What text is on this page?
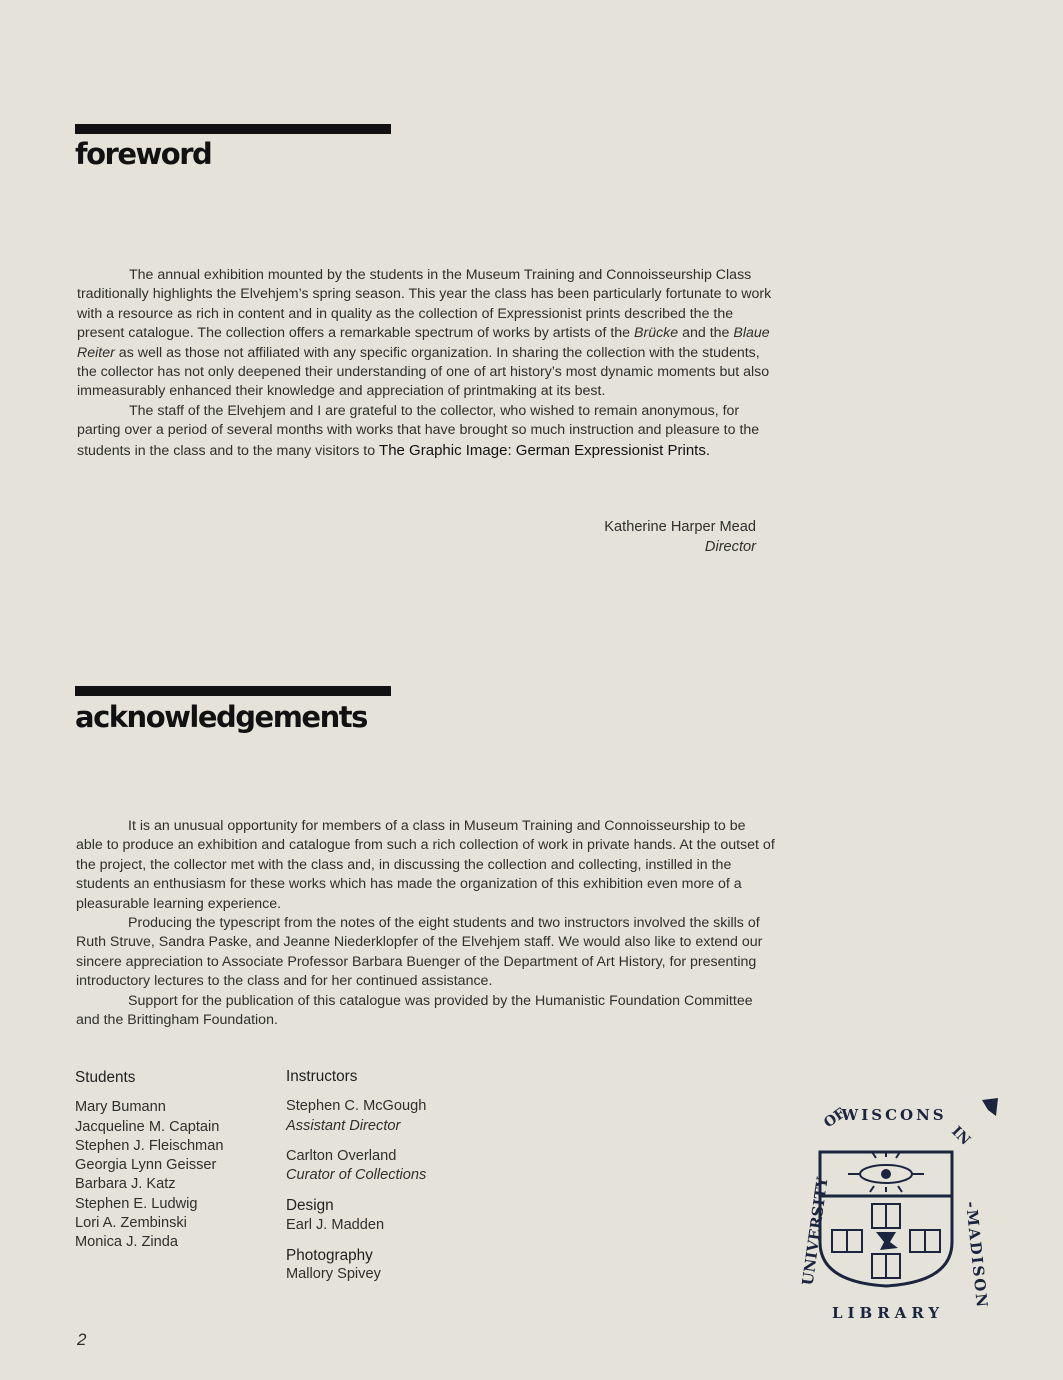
foreword

The annual exhibition mounted by the students in the Museum Training and Connoisseurship Class traditionally highlights the Elvehjem’s spring season. This year the class has been particularly fortunate to work with a resource as rich in content and in quality as the collection of Expressionist prints described the the present catalogue. The collection offers a remarkable spectrum of works by artists of the Brücke and the Blaue Reiter as well as those not affiliated with any specific organization. In sharing the collection with the students, the collector has not only deepened their understanding of one of art history’s most dynamic moments but also immeasurably enhanced their knowledge and appreciation of printmaking at its best.

The staff of the Elvehjem and I are grateful to the collector, who wished to remain anonymous, for parting over a period of several months with works that have brought so much instruction and pleasure to the students in the class and to the many visitors to The Graphic Image: German Expressionist Prints.

Katherine Harper Mead
Director
acknowledgements

It is an unusual opportunity for members of a class in Museum Training and Connoisseurship to be able to produce an exhibition and catalogue from such a rich collection of work in private hands. At the outset of the project, the collector met with the class and, in discussing the collection and collecting, instilled in the students an enthusiasm for these works which has made the organization of this exhibition even more of a pleasurable learning experience.

Producing the typescript from the notes of the eight students and two instructors involved the skills of Ruth Struve, Sandra Paske, and Jeanne Niederklopfer of the Elvehjem staff. We would also like to extend our sincere appreciation to Associate Professor Barbara Buenger of the Department of Art History, for presenting introductory lectures to the class and for her continued assistance.

Support for the publication of this catalogue was provided by the Humanistic Foundation Committee and the Brittingham Foundation.

Students
Mary Bumann
Jacqueline M. Captain
Stephen J. Fleischman
Georgia Lynn Geisser
Barbara J. Katz
Stephen E. Ludwig
Lori A. Zembinski
Monica J. Zinda
Instructors
Stephen C. McGough
Assistant Director
Carlton Overland
Curator of Collections
Design
Earl J. Madden
Photography
Mallory Spivey	UNIVERSITY
OF
WISCONS
IN
-MADISON
LIBRARY
2
